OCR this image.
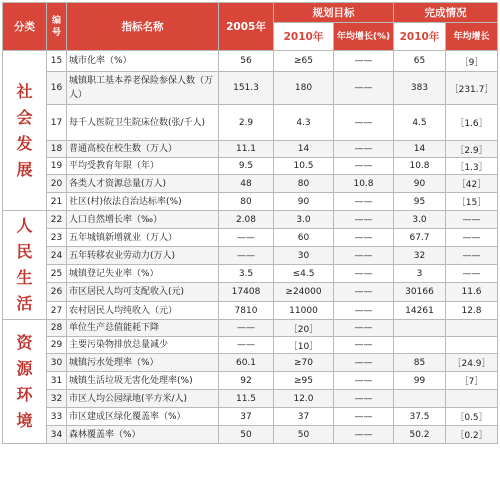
分类	编号	指标名称	2005年	规划目标		完成情况	
				2010年	年均增长(%)	2010年	年均增长

社
会
发
展	15	城市化率（%）	56	≥65	——	65	［9］
	16	城镇职工基本养老保险参保人数（万人）	151.3	180	——	383	［231.7］
	17	每千人医院卫生院床位数(张/千人)	2.9	4.3	——	4.5	［1.6］
	18	普通高校在校生数（万人）	11.1	14	——	14	［2.9］
	19	平均受教育年限（年）	9.5	10.5	——	10.8	［1.3］
	20	各类人才资源总量(万人)	48	80	10.8	90	［42］
	21	社区(村)依法自治达标率(%)	80	90	——	95	［15］

人
民
生
活	22	人口自然增长率（‰）	2.08	3.0	——	3.0	——
	23	五年城镇新增就业（万人）	——	60	——	67.7	——
	24	五年转移农业劳动力(万人)	——	30	——	32	——
	25	城镇登记失业率（%）	3.5	≤4.5	——	3	——
	26	市区居民人均可支配收入(元)	17408	≥24000	——	30166	11.6
	27	农村居民人均纯收入（元）	7810	11000	——	14261	12.8

资
源
环
境	28	单位生产总值能耗下降	——	［20］	——		
	29	主要污染物排放总量减少	——	［10］	——		
	30	城镇污水处理率（%）	60.1	≥70	——	85	［24.9］
	31	城镇生活垃圾无害化处理率(%)	92	≥95	——	99	［7］
	32	市区人均公园绿地(平方米/人)	11.5	12.0	——		
	33	市区建成区绿化覆盖率（%）	37	37	——	37.5	［0.5］
	34	森林覆盖率（%）	50	50	——	50.2	［0.2］
